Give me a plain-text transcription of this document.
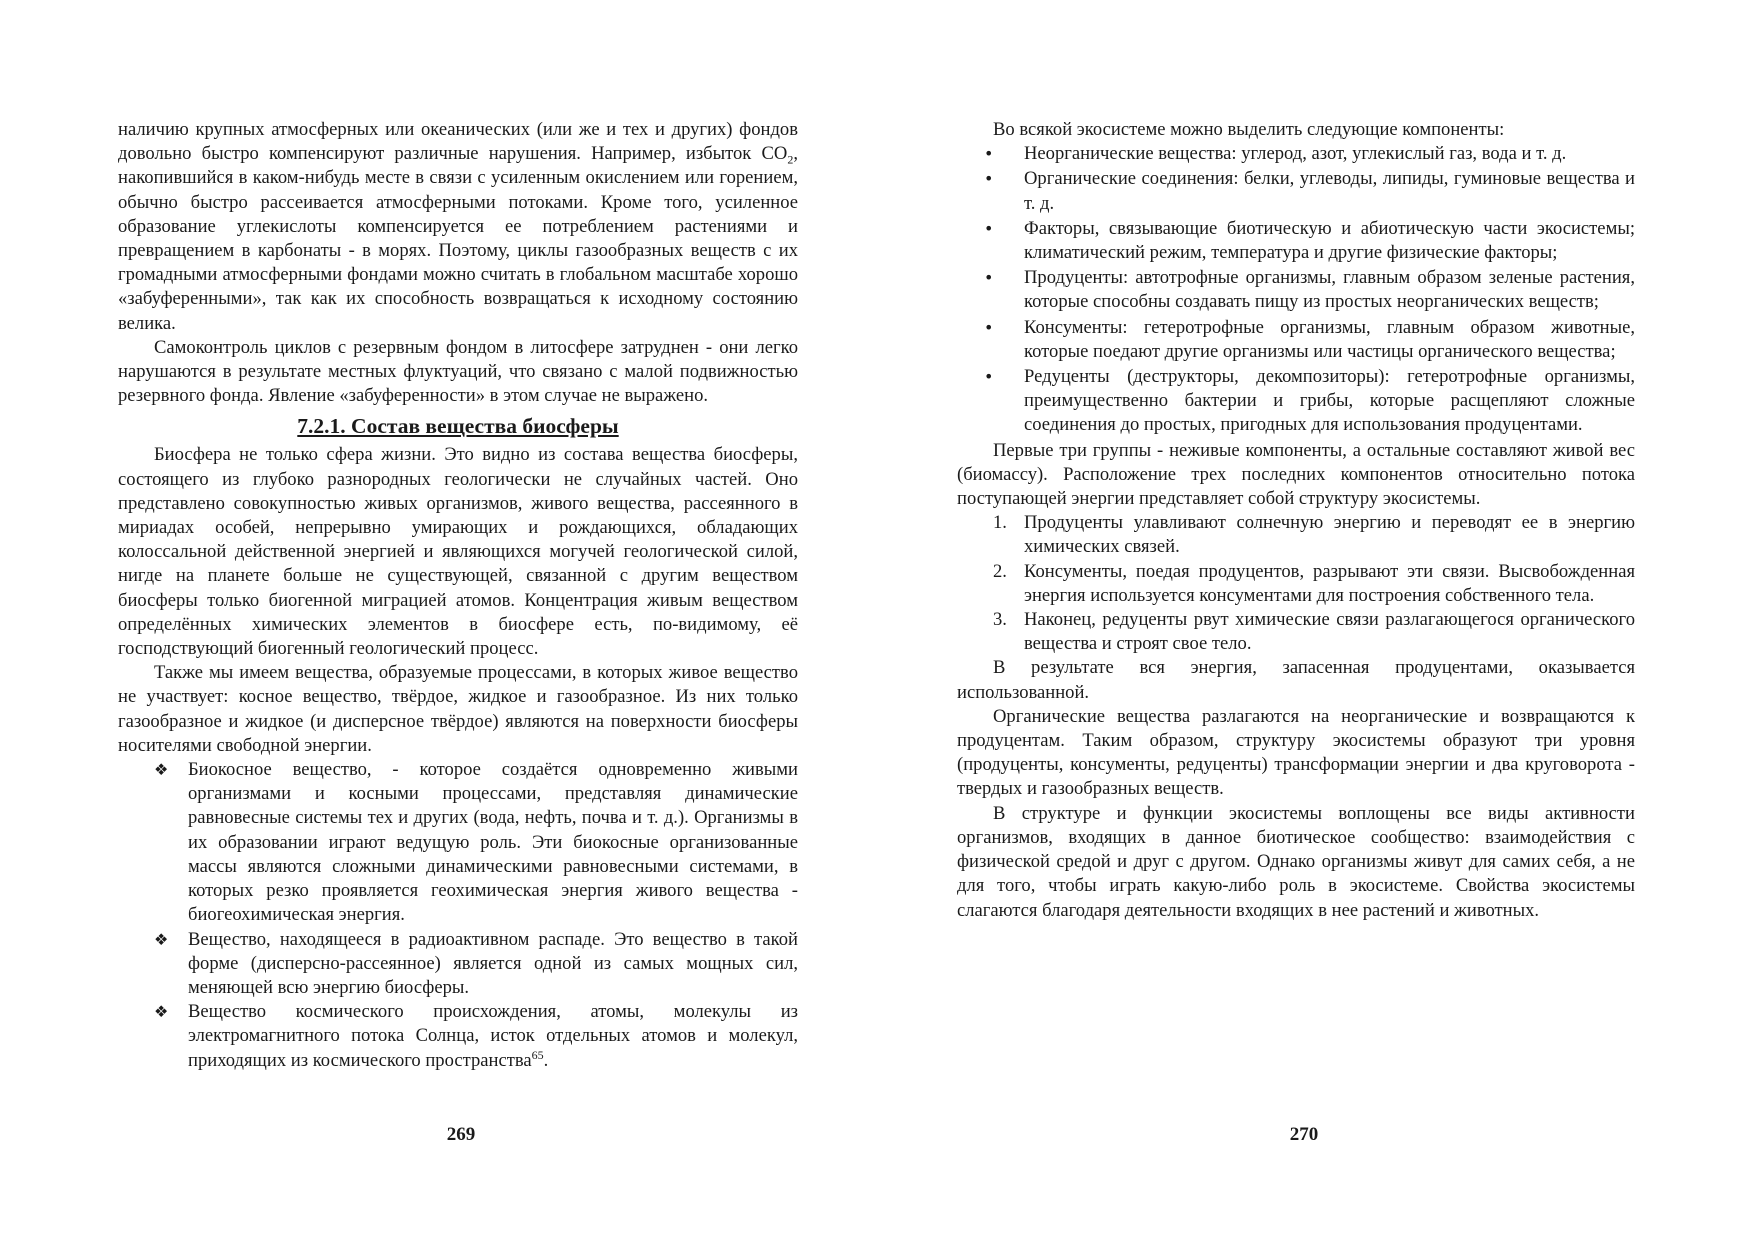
наличию крупных атмосферных или океанических (или же и тех и других) фондов довольно быстро компенсируют различные нарушения. Например, избыток $CO_2$, накопившийся в каком-нибудь месте в связи с усиленным окислением или горением, обычно быстро рассеивается атмосферными потоками. Кроме того, усиленное образование углекислоты компенсируется ее потреблением растениями и превращением в карбонаты - в морях. Поэтому, циклы газообразных веществ с их громадными атмосферными фондами можно считать в глобальном масштабе хорошо «забуференными», так как их способность возвращаться к исходному состоянию велика.

Самоконтроль циклов с резервным фондом в литосфере затруднен - они легко нарушаются в результате местных флуктуаций, что связано с малой подвижностью резервного фонда. Явление «забуференности» в этом случае не выражено.

7.2.1. Состав вещества биосферы

Биосфера не только сфера жизни. Это видно из состава вещества биосферы, состоящего из глубоко разнородных геологически не случайных частей. Оно представлено совокупностью живых организмов, живого вещества, рассеянного в мириадах особей, непрерывно умирающих и рождающихся, обладающих колоссальной действенной энергией и являющихся могучей геологической силой, нигде на планете больше не существующей, связанной с другим веществом биосферы только биогенной миграцией атомов. Концентрация живым веществом определённых химических элементов в биосфере есть, по-видимому, её господствующий биогенный геологический процесс.

Также мы имеем вещества, образуемые процессами, в которых живое вещество не участвует: косное вещество, твёрдое, жидкое и газообразное. Из них только газообразное и жидкое (и дисперсное твёрдое) являются на поверхности биосферы носителями свободной энергии.

❖ Биокосное вещество, - которое создаётся одновременно живыми организмами и косными процессами, представляя динамические равновесные системы тех и других (вода, нефть, почва и т. д.). Организмы в их образовании играют ведущую роль. Эти биокосные организованные массы являются сложными динамическими равновесными системами, в которых резко проявляется геохимическая энергия живого вещества - биогеохимическая энергия.
❖ Вещество, находящееся в радиоактивном распаде. Это вещество в такой форме (дисперсно-рассеянное) является одной из самых мощных сил, меняющей всю энергию биосферы.
❖ Вещество космического происхождения, атомы, молекулы из электромагнитного потока Солнца, исток отдельных атомов и молекул, приходящих из космического пространства$^{65}$.
269

Во всякой экосистеме можно выделить следующие компоненты:

• Неорганические вещества: углерод, азот, углекислый газ, вода и т. д.
• Органические соединения: белки, углеводы, липиды, гуминовые вещества и т. д.
• Факторы, связывающие биотическую и абиотическую части экосистемы; климатический режим, температура и другие физические факторы;
• Продуценты: автотрофные организмы, главным образом зеленые растения, которые способны создавать пищу из простых неорганических веществ;
• Консументы: гетеротрофные организмы, главным образом животные, которые поедают другие организмы или частицы органического вещества;
• Редуценты (деструкторы, декомпозиторы): гетеротрофные организмы, преимущественно бактерии и грибы, которые расщепляют сложные соединения до простых, пригодных для использования продуцентами.

Первые три группы - неживые компоненты, а остальные составляют живой вес (биомассу). Расположение трех последних компонентов относительно потока поступающей энергии представляет собой структуру экосистемы.

1. Продуценты улавливают солнечную энергию и переводят ее в энергию химических связей.
2. Консументы, поедая продуцентов, разрывают эти связи. Высвобожденная энергия используется консументами для построения собственного тела.
3. Наконец, редуценты рвут химические связи разлагающегося органического вещества и строят свое тело.

В результате вся энергия, запасенная продуцентами, оказывается использованной.

Органические вещества разлагаются на неорганические и возвращаются к продуцентам. Таким образом, структуру экосистемы образуют три уровня (продуценты, консументы, редуценты) трансформации энергии и два круговорота - твердых и газообразных веществ.

В структуре и функции экосистемы воплощены все виды активности организмов, входящих в данное биотическое сообщество: взаимодействия с физической средой и друг с другом. Однако организмы живут для самих себя, а не для того, чтобы играть какую-либо роль в экосистеме. Свойства экосистемы слагаются благодаря деятельности входящих в нее растений и животных.

270
